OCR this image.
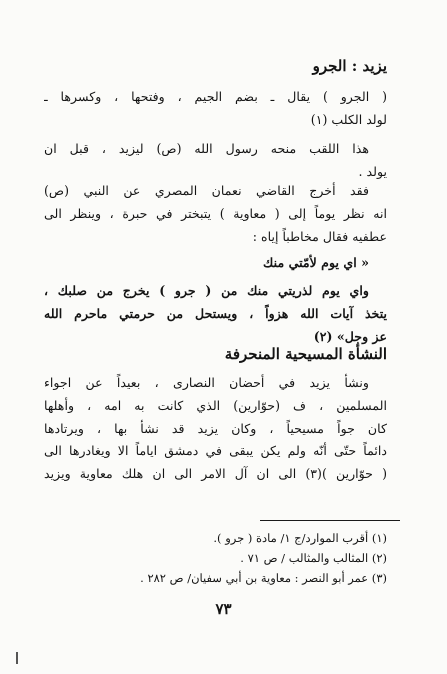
يزيد : الجرو
( الجرو ) يقال ـ بضم الجيم ، وفتحها ، وكسرها ـ
لولد الكلب (١)
هذا اللقب منحه رسول الله (ص) ليزيد ، قبل ان
يولد .
فقد أخرج القاضي نعمان المصري عن النبي (ص)
انه نظر يوماً إلى ( معاوية ) يتبختر في حبرة ، وينظر الى
عطفيه فقال مخاطباً إياه :
« اي يوم لأمّتي منك
واي يوم لذريتي منك من ( جرو ) يخرج من صلبك ،
يتخذ آيات الله هزواً ، ويستحل من حرمتي ماحرم الله
عز وجل» (٢)
النشأة المسيحية المنحرفة
ونشأ يزيد في أحضان النصارى ، بعيداً عن اجواء
المسلمين ، ف (حوّارين) الذي كانت به امه ، وأهلها
كان جواً مسيحياً ، وكان يزيد قد نشأ بها ، ويرتادها
دائماً حتّى أنّه ولم يكن يبقى في دمشق اياماً الا ويغادرها الى
( حوّارين )(٣) الى ان آل الامر الى ان هلك معاوية ويزيد
(١) أقرب الموارد/ج ١/ مادة ( جرو ).
(٢) المثالب والمثالب / ص ٧١ .
(٣) عمر أبو النصر : معاوية بن أبي سفيان/ ص ٢٨٢ .
٧٣
